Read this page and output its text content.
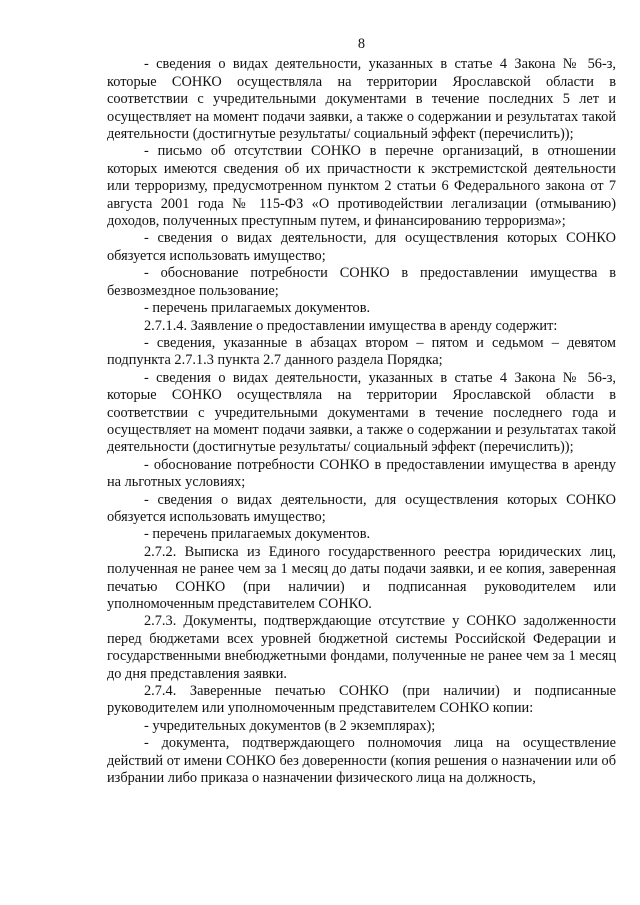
8

- сведения о видах деятельности, указанных в статье 4 Закона № 56-з, которые СОНКО осуществляла на территории Ярославской области в соответствии с учредительными документами в течение последних 5 лет и осуществляет на момент подачи заявки, а также о содержании и результатах такой деятельности (достигнутые результаты/ социальный эффект (перечислить));

- письмо об отсутствии СОНКО в перечне организаций, в отношении которых имеются сведения об их причастности к экстремистской деятельности или терроризму, предусмотренном пунктом 2 статьи 6 Федерального закона от 7 августа 2001 года № 115-ФЗ «О противодействии легализации (отмыванию) доходов, полученных преступным путем, и финансированию терроризма»;

- сведения о видах деятельности, для осуществления которых СОНКО обязуется использовать имущество;

- обоснование потребности СОНКО в предоставлении имущества в безвозмездное пользование;

- перечень прилагаемых документов.

2.7.1.4. Заявление о предоставлении имущества в аренду содержит:

- сведения, указанные в абзацах втором – пятом и седьмом – девятом подпункта 2.7.1.3 пункта 2.7 данного раздела Порядка;

- сведения о видах деятельности, указанных в статье 4 Закона № 56-з, которые СОНКО осуществляла на территории Ярославской области в соответствии с учредительными документами в течение последнего года и осуществляет на момент подачи заявки, а также о содержании и результатах такой деятельности (достигнутые результаты/ социальный эффект (перечислить));

- обоснование потребности СОНКО в предоставлении имущества в аренду на льготных условиях;

- сведения о видах деятельности, для осуществления которых СОНКО обязуется использовать имущество;

- перечень прилагаемых документов.

2.7.2. Выписка из Единого государственного реестра юридических лиц, полученная не ранее чем за 1 месяц до даты подачи заявки, и ее копия, заверенная печатью СОНКО (при наличии) и подписанная руководителем или уполномоченным представителем СОНКО.

2.7.3. Документы, подтверждающие отсутствие у СОНКО задолженности перед бюджетами всех уровней бюджетной системы Российской Федерации и государственными внебюджетными фондами, полученные не ранее чем за 1 месяц до дня представления заявки.

2.7.4. Заверенные печатью СОНКО (при наличии) и подписанные руководителем или уполномоченным представителем СОНКО копии:

- учредительных документов (в 2 экземплярах);

- документа, подтверждающего полномочия лица на осуществление действий от имени СОНКО без доверенности (копия решения о назначении или об избрании либо приказа о назначении физического лица на должность,
